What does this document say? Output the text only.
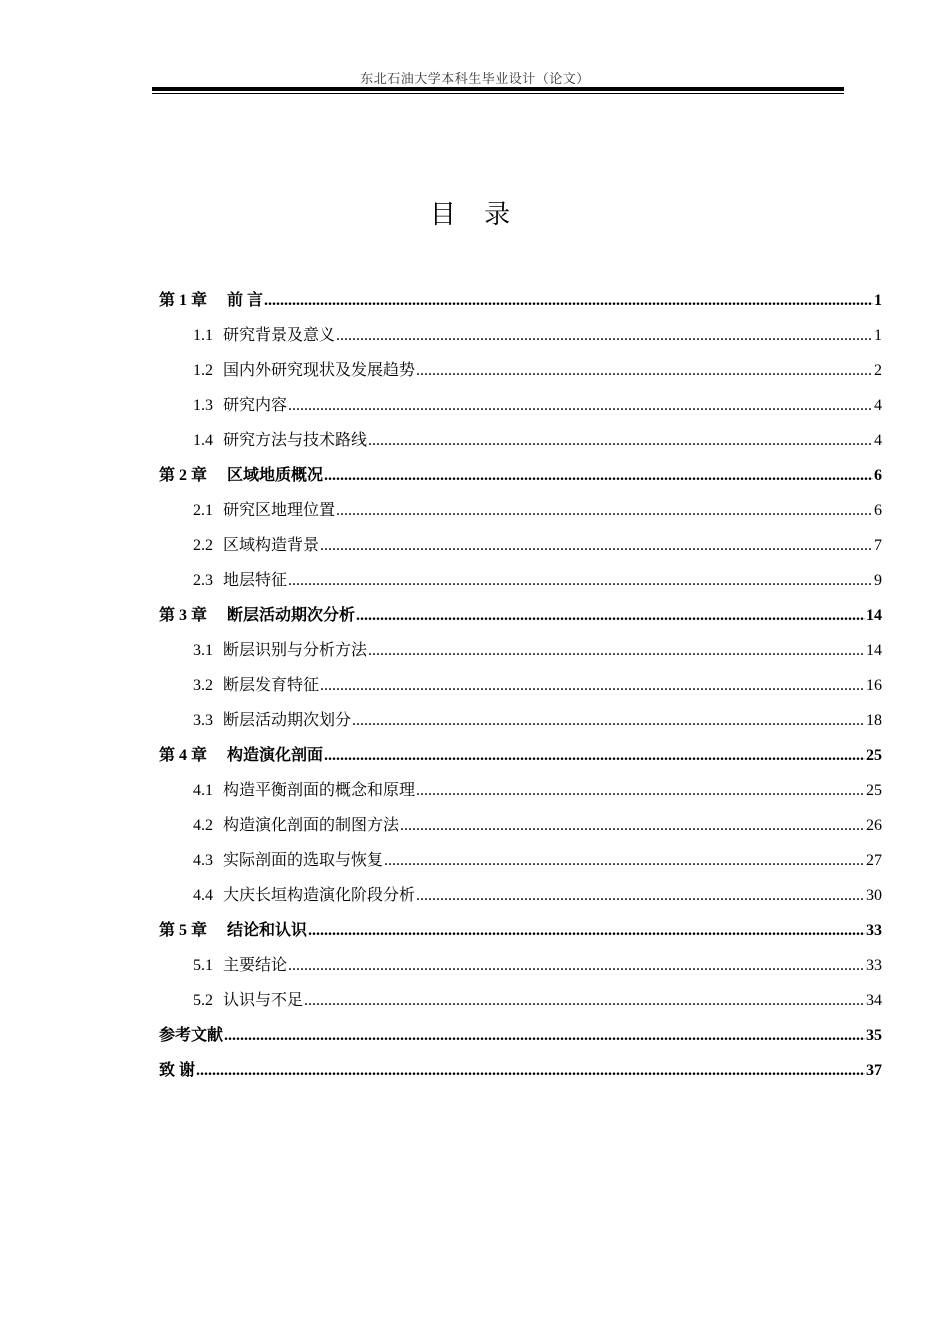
东北石油大学本科生毕业设计（论文）
目 录
第 1 章 前 言 .....	1
1.1 研究背景及意义 .....	1
1.2 国内外研究现状及发展趋势 .....	2
1.3 研究内容 .....	4
1.4 研究方法与技术路线 .....	4
第 2 章 区域地质概况 .....	6
2.1 研究区地理位置 .....	6
2.2 区域构造背景 .....	7
2.3 地层特征 .....	9
第 3 章 断层活动期次分析 .....	14
3.1 断层识别与分析方法 .....	14
3.2 断层发育特征 .....	16
3.3 断层活动期次划分 .....	18
第 4 章 构造演化剖面 .....	25
4.1 构造平衡剖面的概念和原理 .....	25
4.2 构造演化剖面的制图方法 .....	26
4.3 实际剖面的选取与恢复 .....	27
4.4 大庆长垣构造演化阶段分析 .....	30
第 5 章 结论和认识 .....	33
5.1 主要结论 .....	33
5.2 认识与不足 .....	34
参考文献 .....	35
致 谢 .....	37
